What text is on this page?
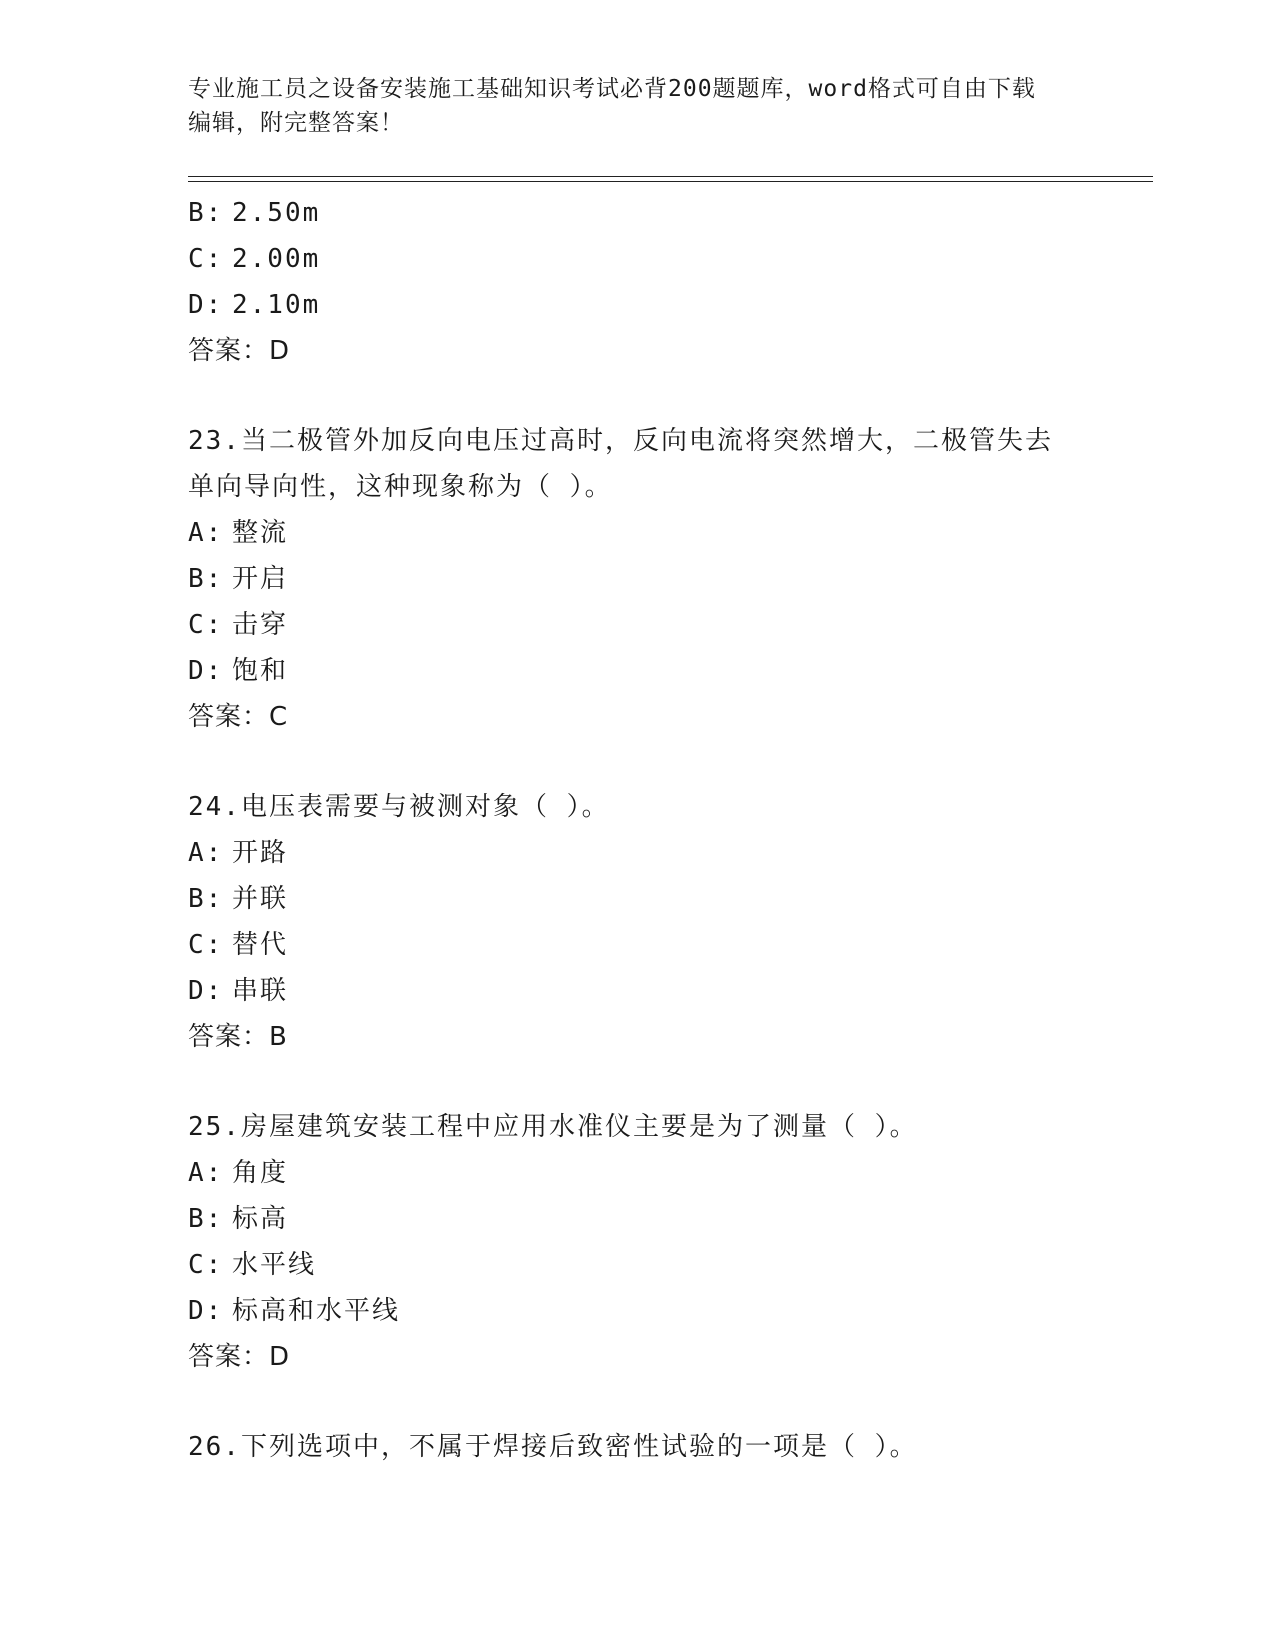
专业施工员之设备安装施工基础知识考试必背200题题库，word格式可自由下载
编辑，附完整答案！
B: 2.50m
C: 2.00m
D: 2.10m
答案：D
23.当二极管外加反向电压过高时，反向电流将突然增大，二极管失去
单向导向性，这种现象称为（ ）。
A: 整流
B: 开启
C: 击穿
D: 饱和
答案：C
24.电压表需要与被测对象（ ）。
A: 开路
B: 并联
C: 替代
D: 串联
答案：B
25.房屋建筑安装工程中应用水准仪主要是为了测量（ ）。
A: 角度
B: 标高
C: 水平线
D: 标高和水平线
答案：D
26.下列选项中，不属于焊接后致密性试验的一项是（ ）。
